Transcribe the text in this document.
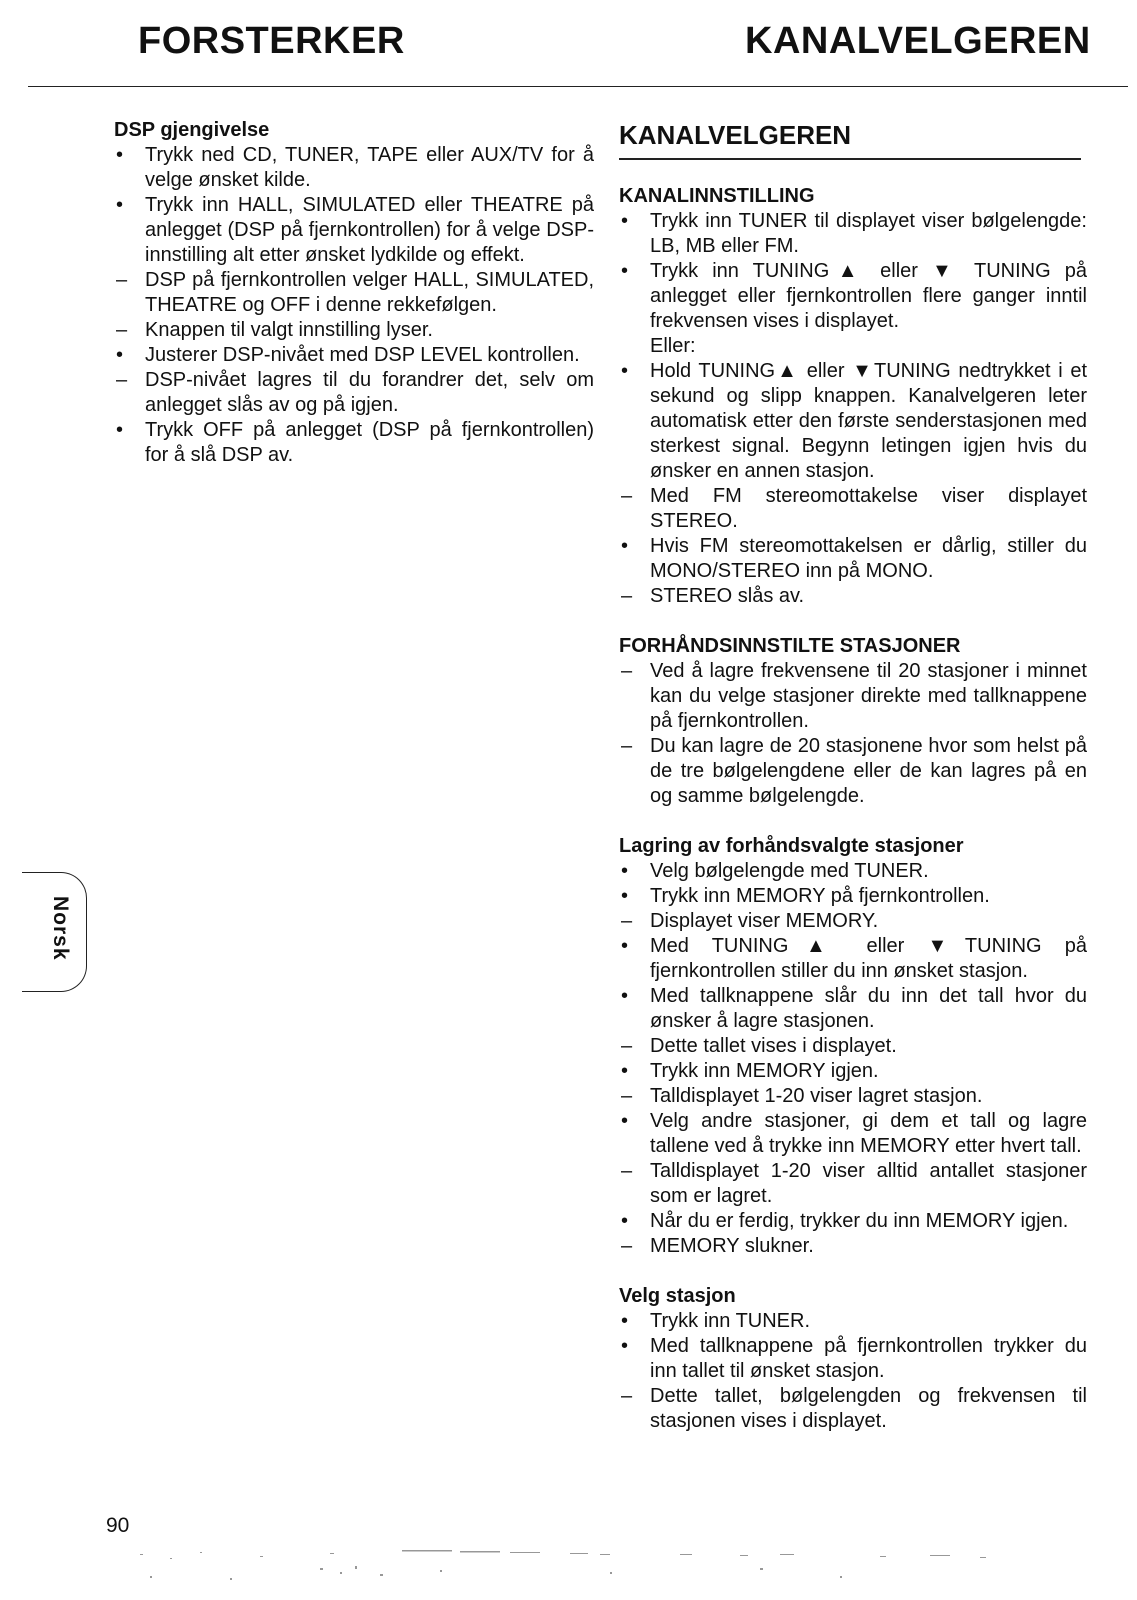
FORSTERKER	KANALVELGEREN
DSP gjengivelse
•	Trykk ned CD, TUNER, TAPE eller AUX/TV for å velge ønsket kilde.
•	Trykk inn HALL, SIMULATED eller THEATRE på anlegget (DSP på fjernkontrollen) for å velge DSP-innstilling alt etter ønsket lydkilde og effekt.
– DSP på fjernkontrollen velger HALL, SIMULATED, THEATRE og OFF i denne rekkefølgen.
– Knappen til valgt innstilling lyser.
•	Justerer DSP-nivået med DSP LEVEL kontrollen.
– DSP-nivået lagres til du forandrer det, selv om anlegget slås av og på igjen.
•	Trykk OFF på anlegget (DSP på fjernkontrollen) for å slå DSP av.
KANALVELGEREN
KANALINNSTILLING
•	Trykk inn TUNER til displayet viser bølgelengde: LB, MB eller FM.
•	Trykk inn TUNING▲ eller ▼ TUNING på anlegget eller fjernkontrollen flere ganger inntil frekvensen vises i displayet.
Eller:
•	Hold TUNING▲ eller ▼TUNING nedtrykket i et sekund og slipp knappen. Kanalvelgeren leter automatisk etter den første senderstasjonen med sterkest signal. Begynn letingen igjen hvis du ønsker en annen stasjon.
– Med FM stereomottakelse viser displayet STEREO.
•	Hvis FM stereomottakelsen er dårlig, stiller du MONO/STEREO inn på MONO.
– STEREO slås av.
FORHÅNDSINNSTILTE STASJONER
– Ved å lagre frekvensene til 20 stasjoner i minnet kan du velge stasjoner direkte med tallknappene på fjernkontrollen.
– Du kan lagre de 20 stasjonene hvor som helst på de tre bølgelengdene eller de kan lagres på en og samme bølgelengde.
Lagring av forhåndsvalgte stasjoner
•	Velg bølgelengde med TUNER.
•	Trykk inn MEMORY på fjernkontrollen.
– Displayet viser MEMORY.
•	Med TUNING▲ eller ▼TUNING på fjernkontrollen stiller du inn ønsket stasjon.
•	Med tallknappene slår du inn det tall hvor du ønsker å lagre stasjonen.
– Dette tallet vises i displayet.
•	Trykk inn MEMORY igjen.
– Talldisplayet 1-20 viser lagret stasjon.
•	Velg andre stasjoner, gi dem et tall og lagre tallene ved å trykke inn MEMORY etter hvert tall.
– Talldisplayet 1-20 viser alltid antallet stasjoner som er lagret.
•	Når du er ferdig, trykker du inn MEMORY igjen.
– MEMORY slukner.
Velg stasjon
•	Trykk inn TUNER.
•	Med tallknappene på fjernkontrollen trykker du inn tallet til ønsket stasjon.
– Dette tallet, bølgelengden og frekvensen til stasjonen vises i displayet.
Norsk
90
